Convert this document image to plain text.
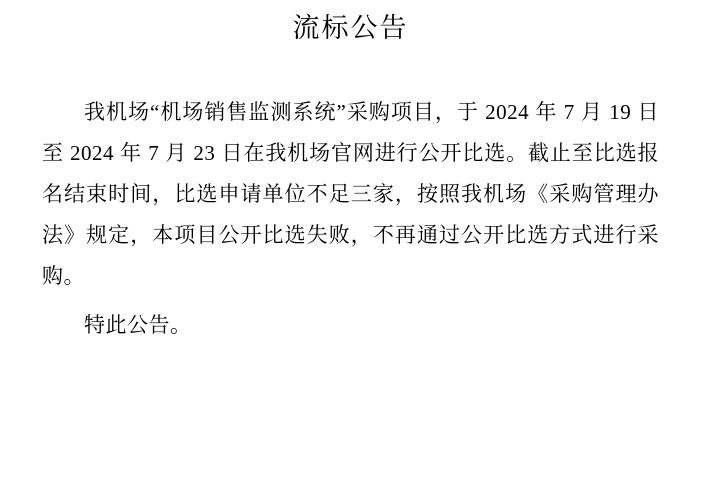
流标公告

我机场“机场销售监测系统”采购项目，于 2024 年 7 月 19 日至 2024 年 7 月 23 日在我机场官网进行公开比选。截止至比选报名结束时间，比选申请单位不足三家，按照我机场《采购管理办法》规定，本项目公开比选失败，不再通过公开比选方式进行采购。

特此公告。
